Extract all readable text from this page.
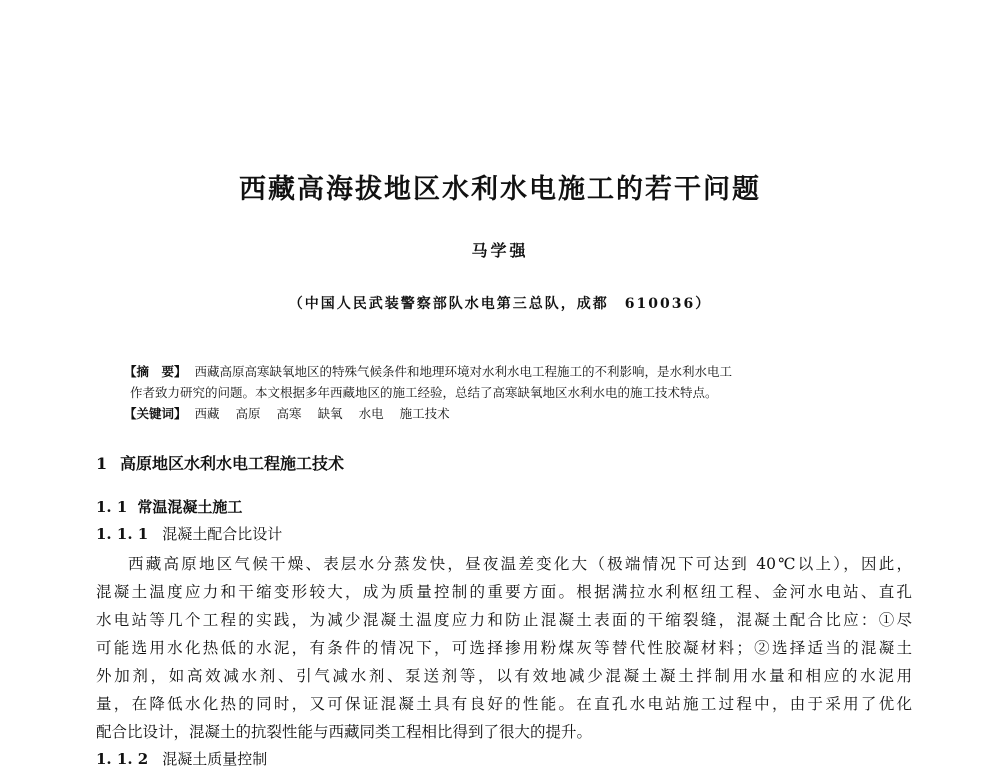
西藏高海拔地区水利水电施工的若干问题
马学强
（中国人民武装警察部队水电第三总队，成都　610036）
【摘　要】 西藏高原高寒缺氧地区的特殊气候条件和地理环境对水利水电工程施工的不利影响，是水利水电工
作者致力研究的问题。本文根据多年西藏地区的施工经验，总结了高寒缺氧地区水利水电的施工技术特点。
【关键词】 西藏 高原 高寒 缺氧 水电 施工技术
1 高原地区水利水电工程施工技术
1. 1 常温混凝土施工
1. 1. 1 混凝土配合比设计
西藏高原地区气候干燥、表层水分蒸发快，昼夜温差变化大（极端情况下可达到 40℃以上），因此，
混凝土温度应力和干缩变形较大，成为质量控制的重要方面。根据满拉水利枢纽工程、金河水电站、直孔
水电站等几个工程的实践，为减少混凝土温度应力和防止混凝土表面的干缩裂缝，混凝土配合比应：①尽
可能选用水化热低的水泥，有条件的情况下，可选择掺用粉煤灰等替代性胶凝材料；②选择适当的混凝土
外加剂，如高效减水剂、引气减水剂、泵送剂等，以有效地减少混凝土凝土拌制用水量和相应的水泥用
量，在降低水化热的同时，又可保证混凝土具有良好的性能。在直孔水电站施工过程中，由于采用了优化
配合比设计，混凝土的抗裂性能与西藏同类工程相比得到了很大的提升。
1. 1. 2 混凝土质量控制
